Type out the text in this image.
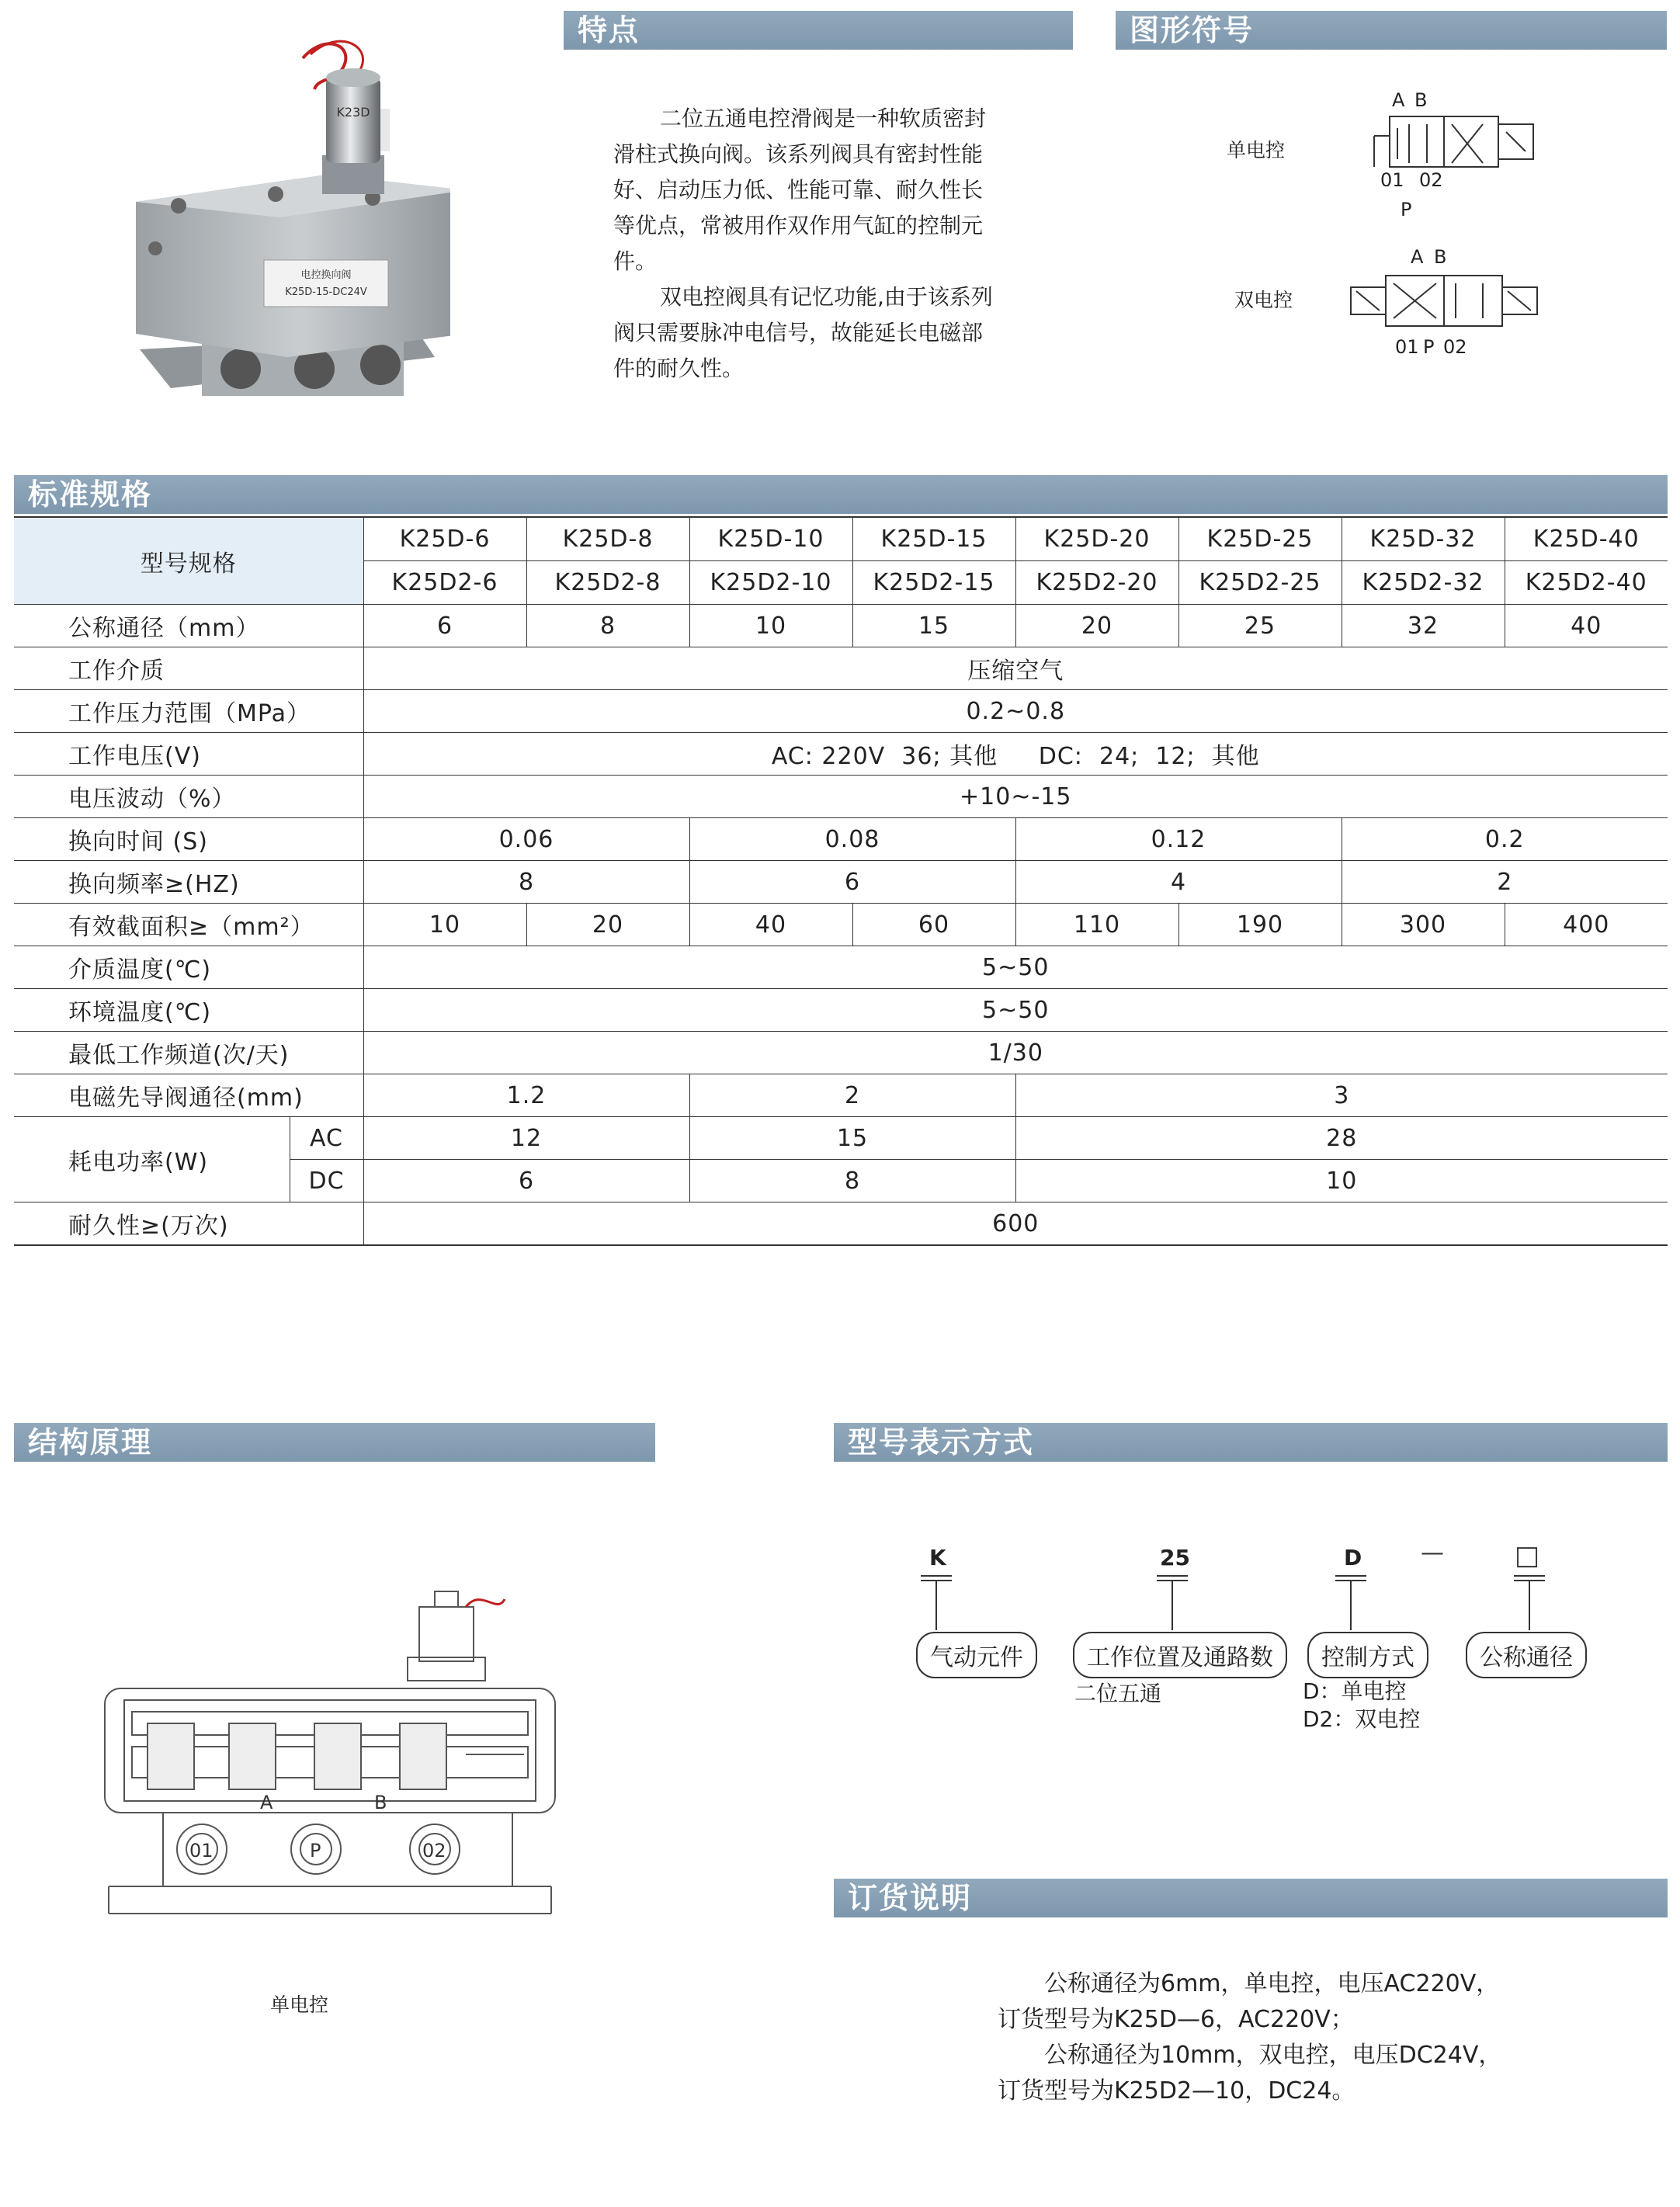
特点	图形符号
标准规格
结构原理	型号表示方式
订货说明
电控换向阀
K25D-15-DC24V
K23D	二位五通电控滑阀是一种软质密封
滑柱式换向阀。该系列阀具有密封性能
好、启动压力低、性能可靠、耐久性长
等优点，常被用作双作用气缸的控制元
件。
双电控阀具有记忆功能,由于该系列
阀只需要脉冲电信号，故能延长电磁部
件的耐久性。
单电控
双电控
A B
01 02
P
A B
01 P 02
型号规格		K25D-6	K25D-8	K25D-10	K25D-15	K25D-20	K25D-25	K25D-32	K25D-40
		K25D2-6	K25D2-8	K25D2-10	K25D2-15	K25D2-20	K25D2-25	K25D2-32	K25D2-40
公称通径（mm）		6	8	10	15	20	25	32	40
工作介质		压缩空气							
工作压力范围（MPa）		0.2~0.8							
工作电压(V)		AC: 220V  36; 其他     DC:  24;  12;  其他							
电压波动（%）		+10~-15							
换向时间 (S)		0.06		0.08		0.12		0.2	
换向频率≥(HZ)		8		6		4		2	
有效截面积≥（mm²）		10	20	40	60	110	190	300	400
介质温度(℃)		5~50							
环境温度(℃)		5~50							
最低工作频道(次/天)		1/30							
电磁先导阀通径(mm)		1.2		2		3			
耗电功率(W)	AC	12		15		28			
	DC	6		8		10			
耐久性≥(万次)		600							
A	B
01	P	02
单电控
K	25	D	—	□
气动元件	工作位置及通路数	控制方式	公称通径
二位五通	D：单电控
D2：双电控
公称通径为6mm，单电控，电压AC220V，
订货型号为K25D—6，AC220V；
公称通径为10mm，双电控，电压DC24V，
订货型号为K25D2—10，DC24。
